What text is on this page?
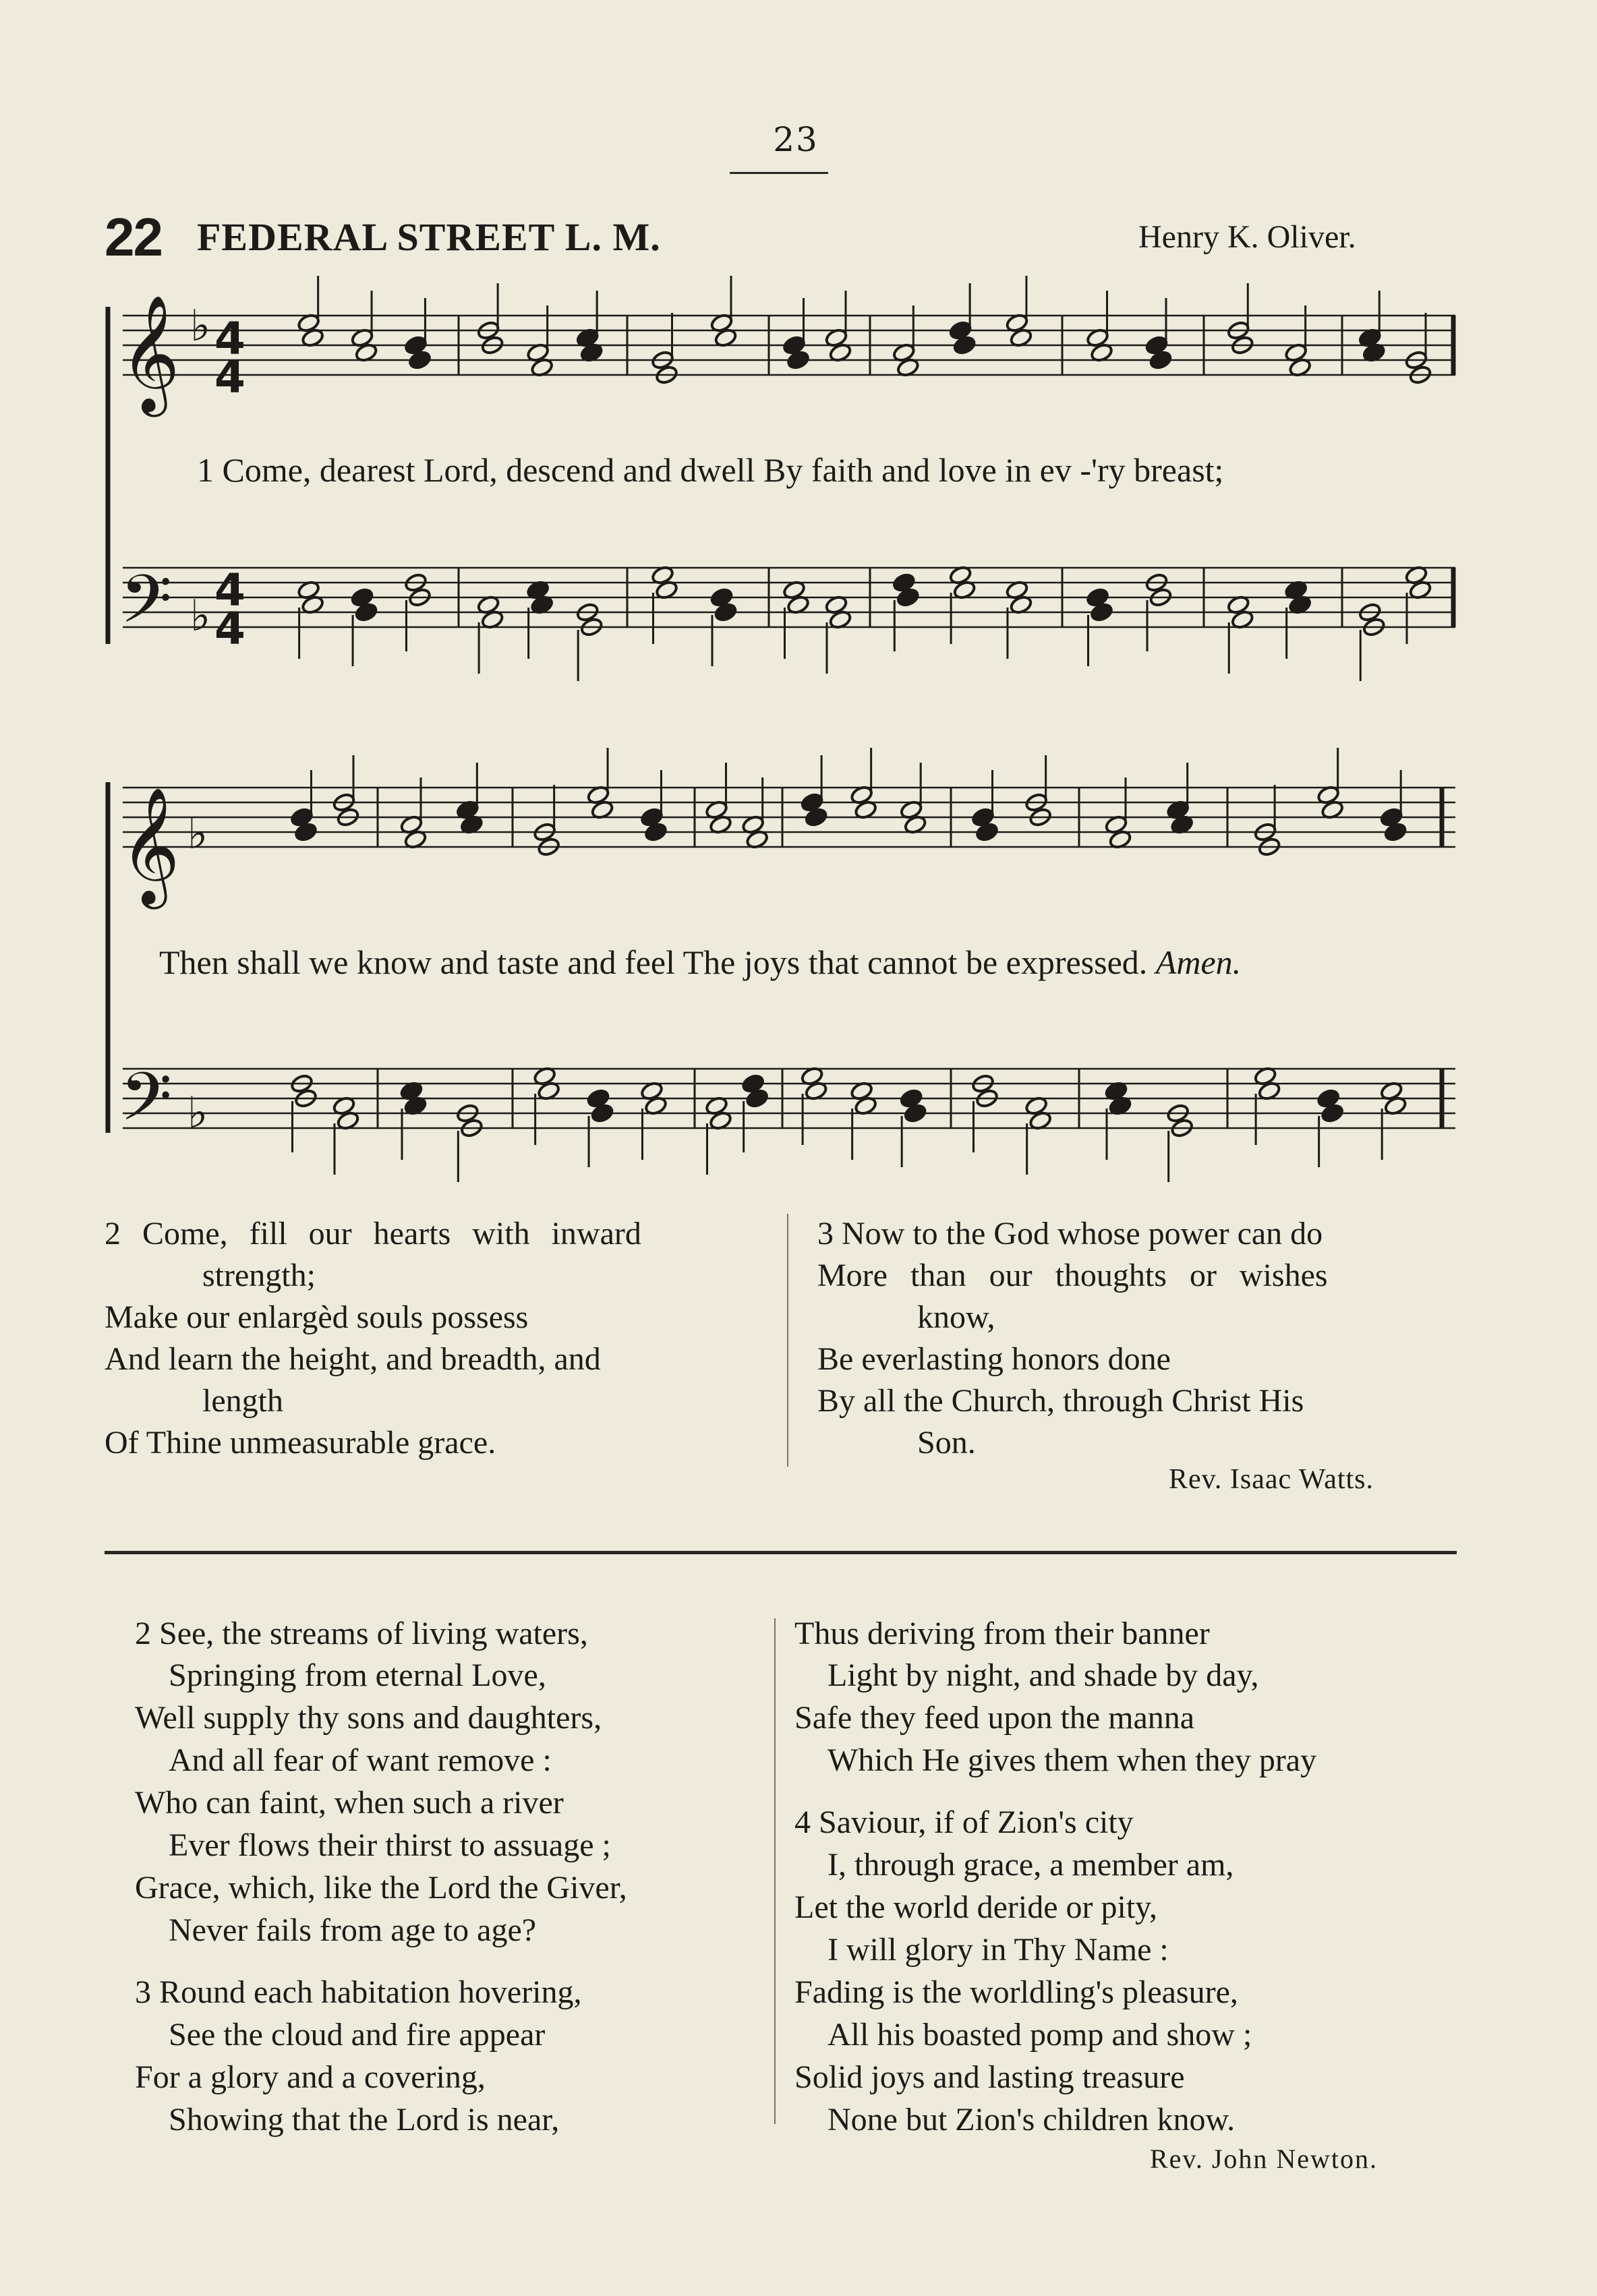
23
22 FEDERAL STREET L. M.	Henry K. Oliver.
𝄞
𝄢
𝄞
𝄢
♭ 4
4
4
4
♭
♭
♭
1 Come, dearest Lord, descend and dwell By faith and love in ev -'ry breast;
Then shall we know and taste and feel The joys that cannot be expressed. Amen.
2 Come, fill our hearts with inward
strength;
Make our enlargèd souls possess
And learn the height, and breadth, and
length
Of Thine unmeasurable grace.
3 Now to the God whose power can do
More than our thoughts or wishes
know,
Be everlasting honors done
By all the Church, through Christ His
Son.
Rev. Isaac Watts.
2 See, the streams of living waters,
Springing from eternal Love,
Well supply thy sons and daughters,
And all fear of want remove :
Who can faint, when such a river
Ever flows their thirst to assuage ;
Grace, which, like the Lord the Giver,
Never fails from age to age?
3 Round each habitation hovering,
See the cloud and fire appear
For a glory and a covering,
Showing that the Lord is near,
Thus deriving from their banner
Light by night, and shade by day,
Safe they feed upon the manna
Which He gives them when they pray
4 Saviour, if of Zion's city
I, through grace, a member am,
Let the world deride or pity,
I will glory in Thy Name :
Fading is the worldling's pleasure,
All his boasted pomp and show ;
Solid joys and lasting treasure
None but Zion's children know.
Rev. John Newton.
